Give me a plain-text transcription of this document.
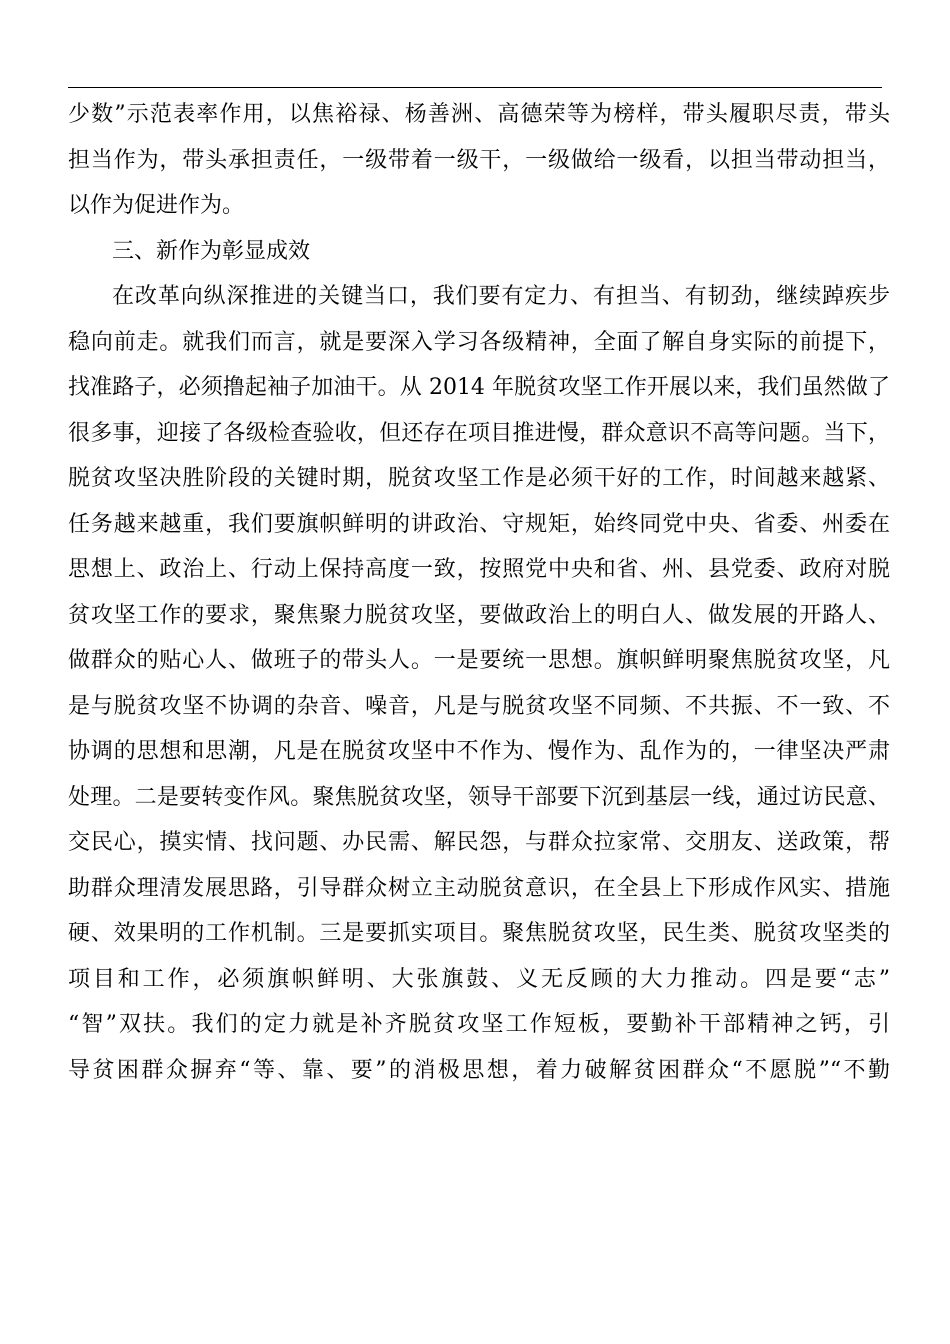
少数”示范表率作用，以焦裕禄、杨善洲、高德荣等为榜样，带头履职尽责，带头
担当作为，带头承担责任，一级带着一级干，一级做给一级看，以担当带动担当，
以作为促进作为。
三、新作为彰显成效
在改革向纵深推进的关键当口，我们要有定力、有担当、有韧劲，继续踔疾步
稳向前走。就我们而言，就是要深入学习各级精神，全面了解自身实际的前提下，
找准路子，必须撸起袖子加油干。从 2014 年脱贫攻坚工作开展以来，我们虽然做了
很多事，迎接了各级检查验收，但还存在项目推进慢，群众意识不高等问题。当下，
脱贫攻坚决胜阶段的关键时期，脱贫攻坚工作是必须干好的工作，时间越来越紧、
任务越来越重，我们要旗帜鲜明的讲政治、守规矩，始终同党中央、省委、州委在
思想上、政治上、行动上保持高度一致，按照党中央和省、州、县党委、政府对脱
贫攻坚工作的要求，聚焦聚力脱贫攻坚，要做政治上的明白人、做发展的开路人、
做群众的贴心人、做班子的带头人。一是要统一思想。旗帜鲜明聚焦脱贫攻坚，凡
是与脱贫攻坚不协调的杂音、噪音，凡是与脱贫攻坚不同频、不共振、不一致、不
协调的思想和思潮，凡是在脱贫攻坚中不作为、慢作为、乱作为的，一律坚决严肃
处理。二是要转变作风。聚焦脱贫攻坚，领导干部要下沉到基层一线，通过访民意、
交民心，摸实情、找问题、办民需、解民怨，与群众拉家常、交朋友、送政策，帮
助群众理清发展思路，引导群众树立主动脱贫意识，在全县上下形成作风实、措施
硬、效果明的工作机制。三是要抓实项目。聚焦脱贫攻坚，民生类、脱贫攻坚类的
项目和工作，必须旗帜鲜明、大张旗鼓、义无反顾的大力推动。四是要“志”
“智”双扶。我们的定力就是补齐脱贫攻坚工作短板，要勤补干部精神之钙，引
导贫困群众摒弃“等、靠、要”的消极思想，着力破解贫困群众“不愿脱”“不勤
